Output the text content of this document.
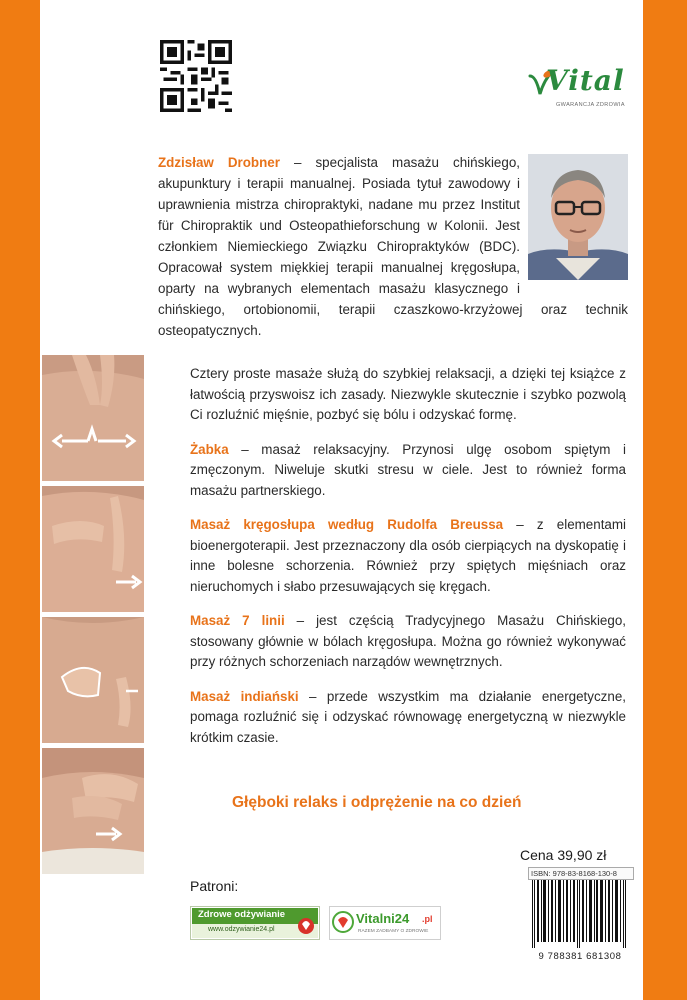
Vital
GWARANCJA ZDROWIA
Zdzisław Drobner – specjalista masażu chińskiego, akupunktury i terapii manualnej. Posiada tytuł zawodowy i uprawnienia mistrza chiropraktyki, nadane mu przez Institut für Chiropraktik und Osteopathieforschung w Kolonii. Jest członkiem Niemieckiego Związku Chiropraktyków (BDC). Opracował system miękkiej terapii manualnej kręgosłupa, oparty na wybranych elementach masażu klasycznego i chińskiego, ortobionomii, terapii czaszkowo-krzyżowej oraz technik osteopatycznych.

Cztery proste masaże służą do szybkiej relaksacji, a dzięki tej książce z łatwością przyswoisz ich zasady. Niezwykle skutecznie i szybko pozwolą Ci rozluźnić mięśnie, pozbyć się bólu i odzyskać formę.

Żabka – masaż relaksacyjny. Przynosi ulgę osobom spiętym i zmęczonym. Niweluje skutki stresu w ciele. Jest to również forma masażu partnerskiego.

Masaż kręgosłupa według Rudolfa Breussa – z elementami bioenergoterapii. Jest przeznaczony dla osób cierpiących na dyskopatię i inne bolesne schorzenia. Również przy spiętych mięśniach oraz nieruchomych i słabo przesuwających się kręgach.

Masaż 7 linii – jest częścią Tradycyjnego Masażu Chińskiego, stosowany głównie w bólach kręgosłupa. Można go również wykonywać przy różnych schorzeniach narządów wewnętrznych.

Masaż indiański – przede wszystkim ma działanie energetyczne, pomaga rozluźnić się i odzyskać równowagę energetyczną w niezwykle krótkim czasie.

Głęboki relaks i odprężenie na co dzień
Cena 39,90 zł
ISBN: 978-83-8168-130-8
9 788381 681308
Patroni:
Zdrowe odżywianie
www.odzywianie24.pl
Vitalni24 .pl
RAZEM ZADBAMY O ZDROWIE
